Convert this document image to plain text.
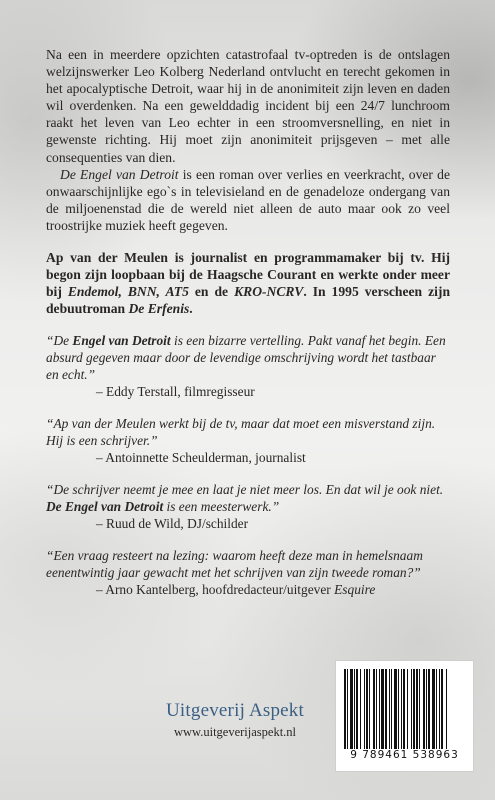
Na een in meerdere opzichten catastrofaal tv-optreden is de ontslagen welzijnswerker Leo Kolberg Nederland ontvlucht en terecht gekomen in het apocalyptische Detroit, waar hij in de anonimiteit zijn leven en daden wil overdenken. Na een gewelddadig incident bij een 24/7 lunchroom raakt het leven van Leo echter in een stroomversnelling, en niet in gewenste richting. Hij moet zijn anonimiteit prijsgeven – met alle consequenties van dien.

De Engel van Detroit is een roman over verlies en veerkracht, over de onwaarschijnlijke ego`s in televisieland en de genadeloze ondergang van de miljoenenstad die de wereld niet alleen de auto maar ook zo veel troostrijke muziek heeft gegeven.

Ap van der Meulen is journalist en programmamaker bij tv. Hij begon zijn loopbaan bij de Haagsche Courant en werkte onder meer bij Endemol, BNN, AT5 en de KRO-NCRV. In 1995 verscheen zijn debuutroman De Erfenis.

“De Engel van Detroit is een bizarre vertelling. Pakt vanaf het begin. Een absurd gegeven maar door de levendige omschrijving wordt het tastbaar en echt.”

– Eddy Terstall, filmregisseur

“Ap van der Meulen werkt bij de tv, maar dat moet een misverstand zijn. Hij is een schrijver.”

– Antoinnette Scheulderman, journalist

“De schrijver neemt je mee en laat je niet meer los. En dat wil je ook niet. De Engel van Detroit is een meesterwerk.”

– Ruud de Wild, DJ/schilder

“Een vraag resteert na lezing: waarom heeft deze man in hemelsnaam eenentwintig jaar gewacht met het schrijven van zijn tweede roman?”

– Arno Kantelberg, hoofdredacteur/uitgever Esquire

Uitgeverij Aspekt
www.uitgeverijaspekt.nl
9 789461 538963
